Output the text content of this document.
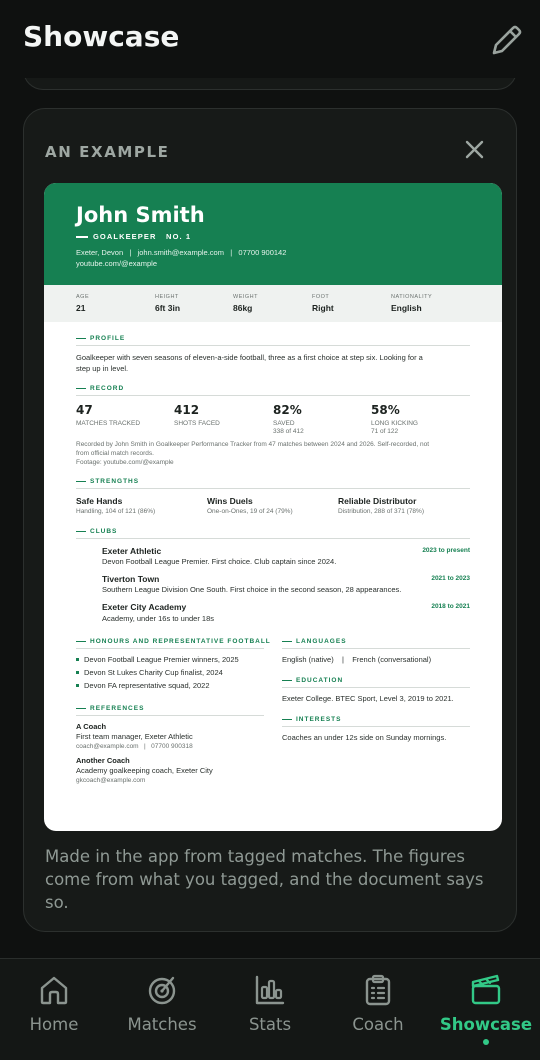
Showcase
AN EXAMPLE
John Smith
GOALKEEPER   NO. 1
Exeter, Devon   |   john.smith@example.com   |   07700 900142
youtube.com/@example
AGE
21
HEIGHT
6ft 3in
WEIGHT
86kg
FOOT
Right
NATIONALITY
English
PROFILE
Goalkeeper with seven seasons of eleven-a-side football, three as a first choice at step six. Looking for a
step up in level.
RECORD
47
MATCHES TRACKED
412
SHOTS FACED
82%
SAVED
338 of 412
58%
LONG KICKING
71 of 122
Recorded by John Smith in Goalkeeper Performance Tracker from 47 matches between 2024 and 2026. Self-recorded, not
from official match records.
Footage: youtube.com/@example
STRENGTHS
Safe Hands
Handling, 104 of 121 (86%)
Wins Duels
One-on-Ones, 19 of 24 (79%)
Reliable Distributor
Distribution, 288 of 371 (78%)
CLUBS
Exeter Athletic	2023 to present
Devon Football League Premier. First choice. Club captain since 2024.
Tiverton Town	2021 to 2023
Southern League Division One South. First choice in the second season, 28 appearances.
Exeter City Academy	2018 to 2021
Academy, under 16s to under 18s
HONOURS AND REPRESENTATIVE FOOTBALL
Devon Football League Premier winners, 2025
Devon St Lukes Charity Cup finalist, 2024
Devon FA representative squad, 2022
REFERENCES
A Coach
First team manager, Exeter Athletic
coach@example.com   |   07700 900318
Another Coach
Academy goalkeeping coach, Exeter City
gkcoach@example.com
LANGUAGES
English (native)    |    French (conversational)
EDUCATION
Exeter College. BTEC Sport, Level 3, 2019 to 2021.
INTERESTS
Coaches an under 12s side on Sunday mornings.
Made in the app from tagged matches. The figures come from what you tagged, and the document says so.
Home	Matches	Stats	Coach	Showcase
